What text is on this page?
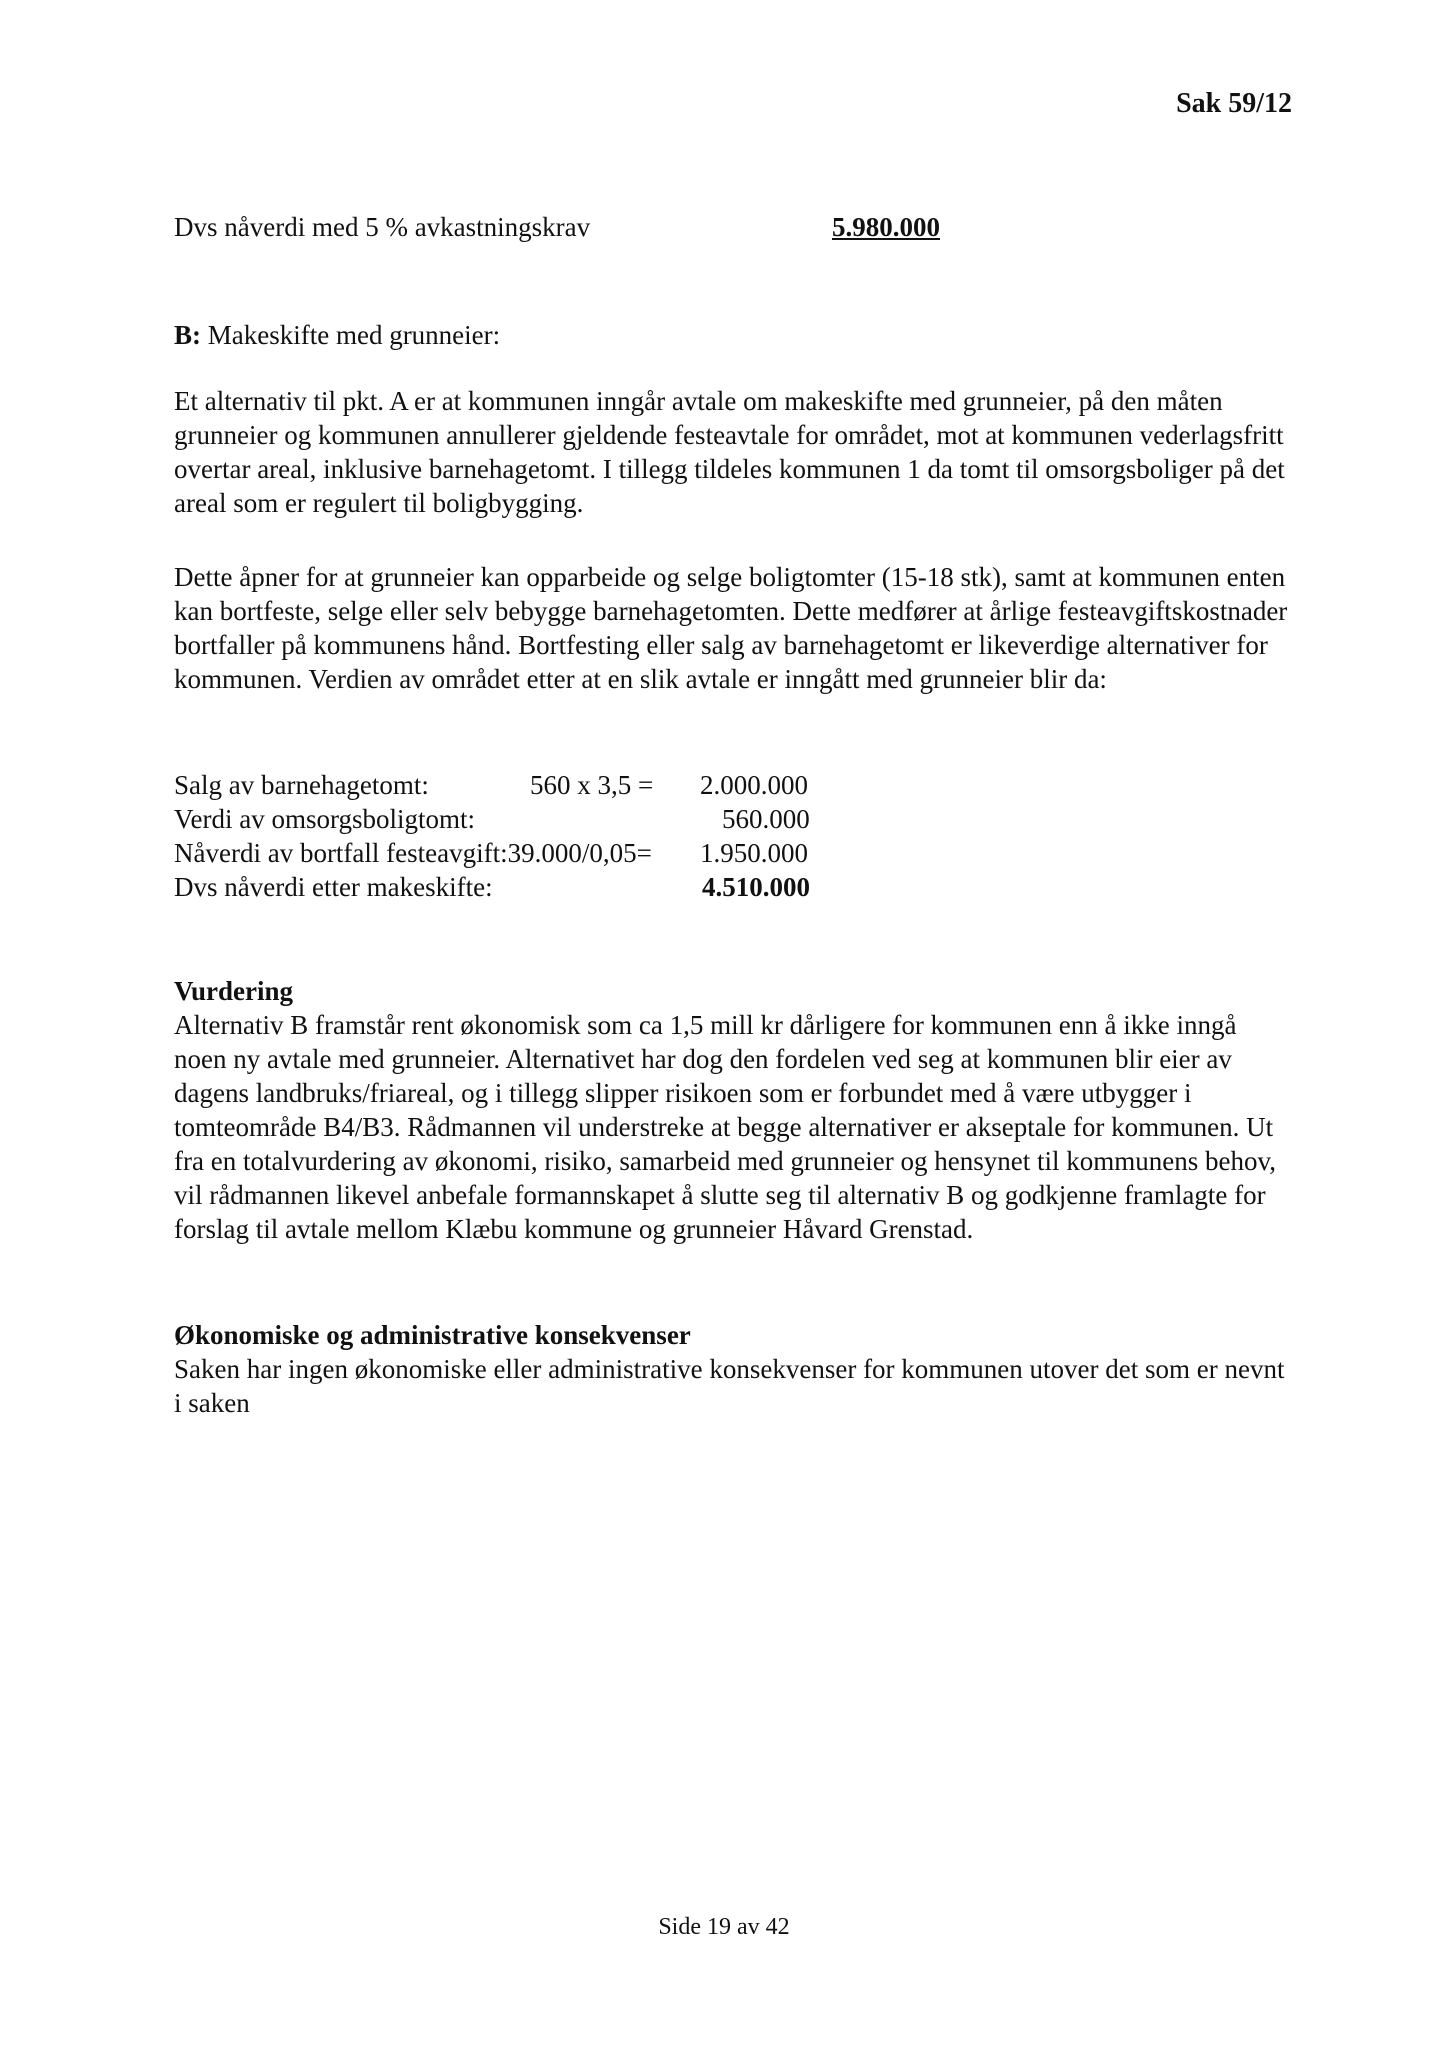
Sak 59/12
Dvs nåverdi med 5 % avkastningskrav	5.980.000
B: Makeskifte med grunneier:
Et alternativ til pkt. A er at kommunen inngår avtale om makeskifte med grunneier, på den måten grunneier og kommunen annullerer gjeldende festeavtale for området, mot at kommunen vederlagsfritt overtar areal, inklusive barnehagetomt. I tillegg tildeles kommunen 1 da tomt til omsorgsboliger på det areal som er regulert til boligbygging.
Dette åpner for at grunneier kan opparbeide og selge boligtomter (15-18 stk), samt at kommunen enten kan bortfeste, selge eller selv bebygge barnehagetomten. Dette medfører at årlige festeavgiftskostnader bortfaller på kommunens hånd. Bortfesting eller salg av barnehagetomt er likeverdige alternativer for kommunen. Verdien av området etter at en slik avtale er inngått med grunneier blir da:
Salg av barnehagetomt:	560 x 3,5 = 2.000.000
Verdi av omsorgsboligtomt:	560.000
Nåverdi av bortfall festeavgift:39.000/0,05= 1.950.000
Dvs nåverdi etter makeskifte:	4.510.000
Vurdering
Alternativ B framstår rent økonomisk som ca 1,5 mill kr dårligere for kommunen enn å ikke inngå noen ny avtale med grunneier. Alternativet har dog den fordelen ved seg at kommunen blir eier av dagens landbruks/friareal, og i tillegg slipper risikoen som er forbundet med å være utbygger i tomteområde B4/B3. Rådmannen vil understreke at begge alternativer er akseptale for kommunen. Ut fra en totalvurdering av økonomi, risiko, samarbeid med grunneier og hensynet til kommunens behov, vil rådmannen likevel anbefale formannskapet å slutte seg til alternativ B og godkjenne framlagte for forslag til avtale mellom Klæbu kommune og grunneier Håvard Grenstad.
Økonomiske og administrative konsekvenser
Saken har ingen økonomiske eller administrative konsekvenser for kommunen utover det som er nevnt i saken
Side 19 av 42
